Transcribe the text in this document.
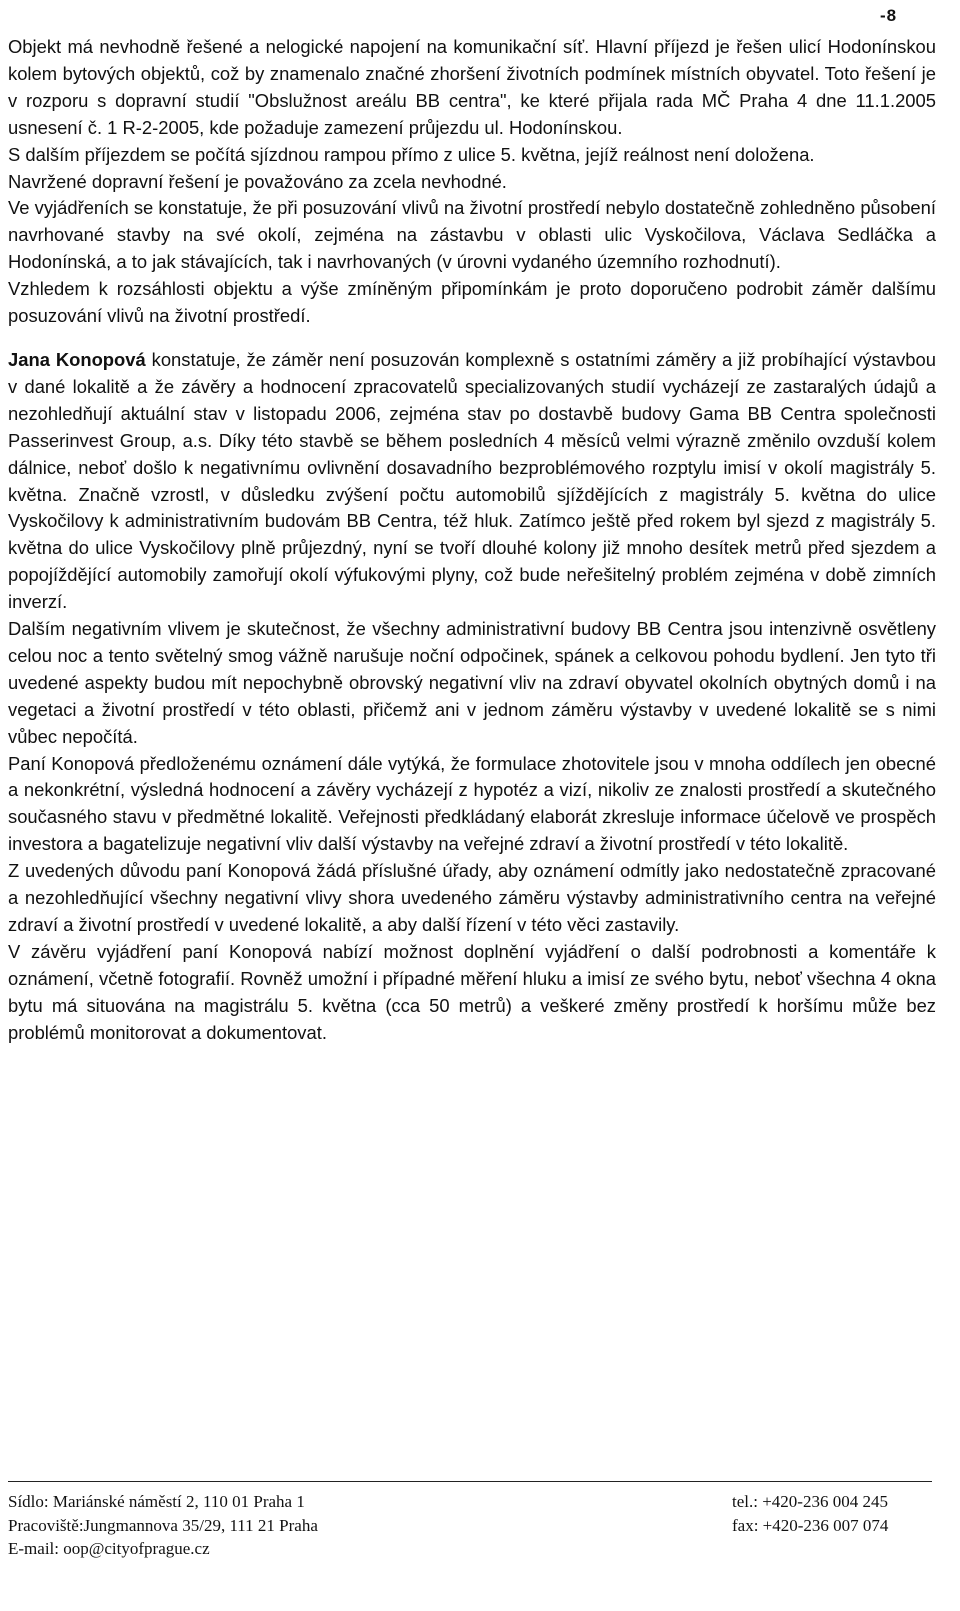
-8

Objekt má nevhodně řešené a nelogické napojení na komunikační síť. Hlavní příjezd je řešen ulicí Hodonínskou kolem bytových objektů, což by znamenalo značné zhoršení životních podmínek místních obyvatel. Toto řešení je v rozporu s dopravní studií "Obslužnost areálu BB centra", ke které přijala rada MČ Praha 4 dne 11.1.2005 usnesení č. 1 R-2-2005, kde požaduje zamezení průjezdu ul. Hodonínskou.

S dalším příjezdem se počítá sjízdnou rampou přímo z ulice 5. května, jejíž reálnost není doložena.

Navržené dopravní řešení je považováno za zcela nevhodné.

Ve vyjádřeních se konstatuje, že při posuzování vlivů na životní prostředí nebylo dostatečně zohledněno působení navrhované stavby na své okolí, zejména na zástavbu v oblasti ulic Vyskočilova, Václava Sedláčka a Hodonínská, a to jak stávajících, tak i navrhovaných (v úrovni vydaného územního rozhodnutí).

Vzhledem k rozsáhlosti objektu a výše zmíněným připomínkám je proto doporučeno podrobit záměr dalšímu posuzování vlivů na životní prostředí.

Jana Konopová konstatuje, že záměr není posuzován komplexně s ostatními záměry a již probíhající výstavbou v dané lokalitě a že závěry a hodnocení zpracovatelů specializovaných studií vycházejí ze zastaralých údajů a nezohledňují aktuální stav v listopadu 2006, zejména stav po dostavbě budovy Gama BB Centra společnosti Passerinvest Group, a.s. Díky této stavbě se během posledních 4 měsíců velmi výrazně změnilo ovzduší kolem dálnice, neboť došlo k negativnímu ovlivnění dosavadního bezproblémového rozptylu imisí v okolí magistrály 5. května. Značně vzrostl, v důsledku zvýšení počtu automobilů sjíždějících z magistrály 5. května do ulice Vyskočilovy k administrativním budovám BB Centra, též hluk. Zatímco ještě před rokem byl sjezd z magistrály 5. května do ulice Vyskočilovy plně průjezdný, nyní se tvoří dlouhé kolony již mnoho desítek metrů před sjezdem a popojíždějící automobily zamořují okolí výfukovými plyny, což bude neřešitelný problém zejména v době zimních inverzí.

Dalším negativním vlivem je skutečnost, že všechny administrativní budovy BB Centra jsou intenzivně osvětleny celou noc a tento světelný smog vážně narušuje noční odpočinek, spánek a celkovou pohodu bydlení. Jen tyto tři uvedené aspekty budou mít nepochybně obrovský negativní vliv na zdraví obyvatel okolních obytných domů i na vegetaci a životní prostředí v této oblasti, přičemž ani v jednom záměru výstavby v uvedené lokalitě se s nimi vůbec nepočítá.

Paní Konopová předloženému oznámení dále vytýká, že formulace zhotovitele jsou v mnoha oddílech jen obecné a nekonkrétní, výsledná hodnocení a závěry vycházejí z hypotéz a vizí, nikoliv ze znalosti prostředí a skutečného současného stavu v předmětné lokalitě. Veřejnosti předkládaný elaborát zkresluje informace účelově ve prospěch investora a bagatelizuje negativní vliv další výstavby na veřejné zdraví a životní prostředí v této lokalitě.

Z uvedených důvodu paní Konopová žádá příslušné úřady, aby oznámení odmítly jako nedostatečně zpracované a nezohledňující všechny negativní vlivy shora uvedeného záměru výstavby administrativního centra na veřejné zdraví a životní prostředí v uvedené lokalitě, a aby další řízení v této věci zastavily.

V závěru vyjádření paní Konopová nabízí možnost doplnění vyjádření o další podrobnosti a komentáře k oznámení, včetně fotografií. Rovněž umožní i případné měření hluku a imisí ze svého bytu, neboť všechna 4 okna bytu má situována na magistrálu 5. května (cca 50 metrů) a veškeré změny prostředí k horšímu může bez problémů monitorovat a dokumentovat.

Sídlo: Mariánské náměstí 2, 110 01 Praha 1
Pracoviště:Jungmannova 35/29, 111 21 Praha
E-mail: oop@cityofprague.cz
tel.: +420-236 004 245
fax: +420-236 007 074
